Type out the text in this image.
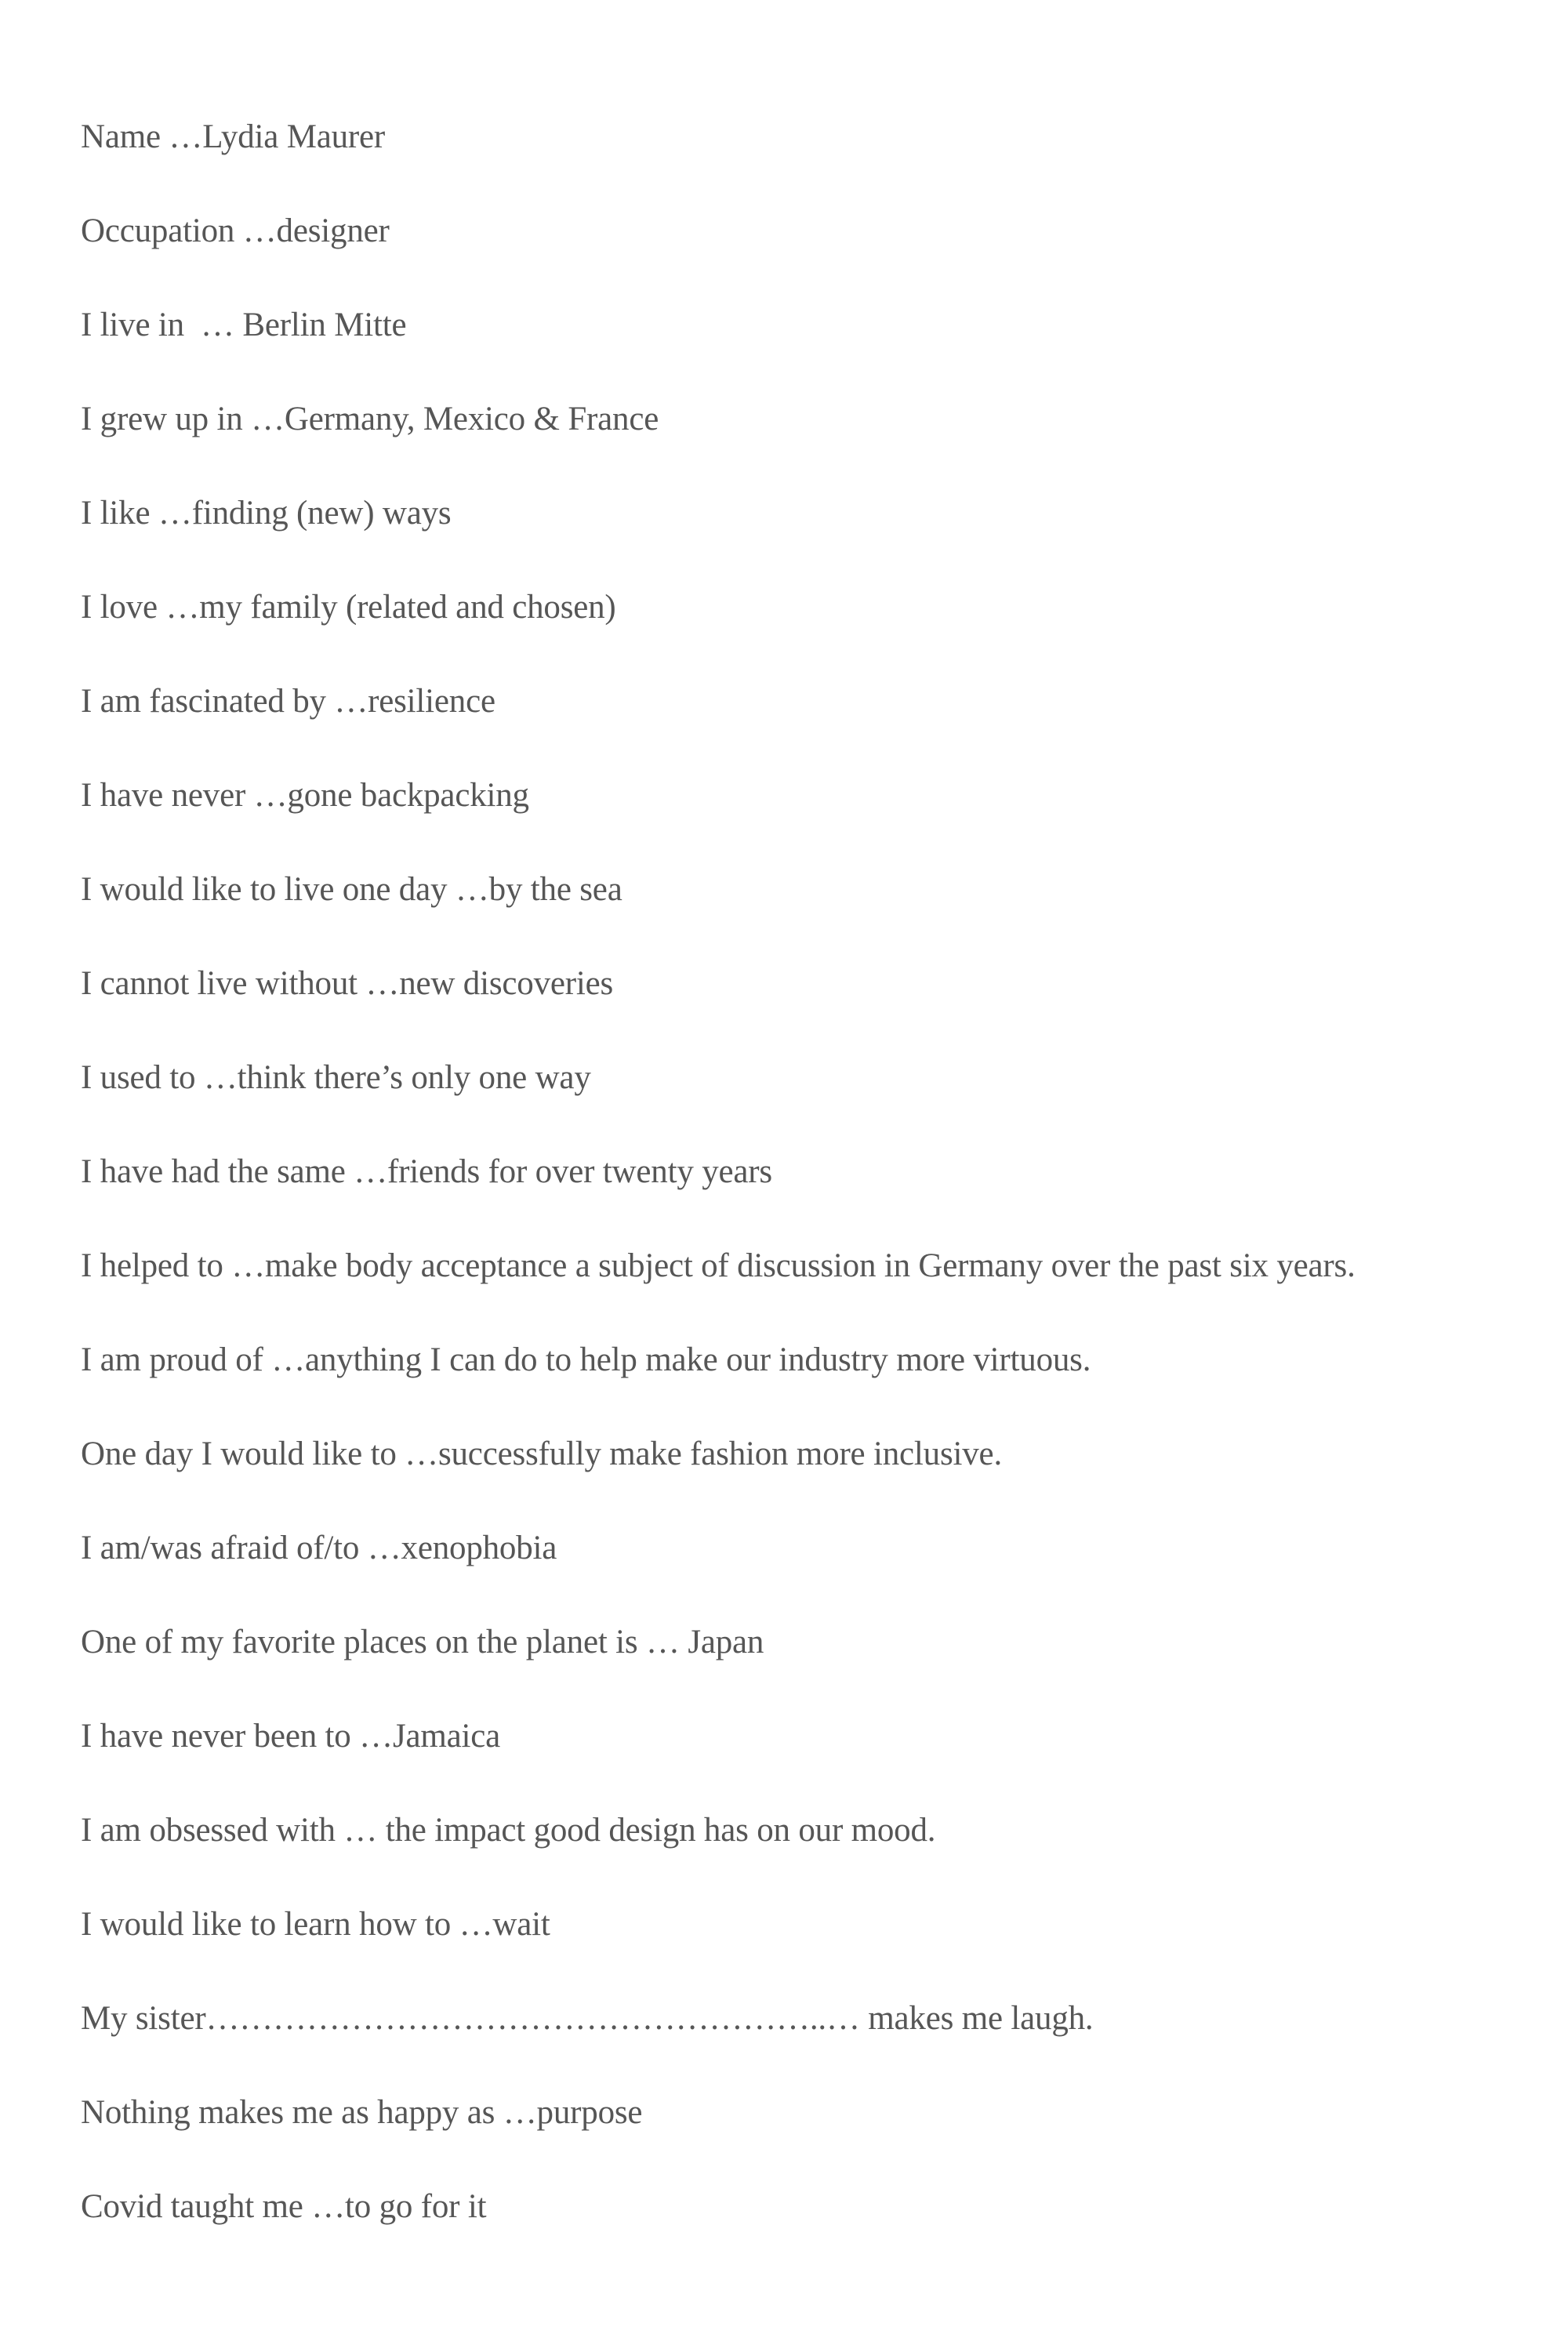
Name …Lydia Maurer

Occupation …designer

I live in  … Berlin Mitte

I grew up in …Germany, Mexico & France

I like …finding (new) ways

I love …my family (related and chosen)

I am fascinated by …resilience

I have never …gone backpacking

I would like to live one day …by the sea

I cannot live without …new discoveries

I used to …think there’s only one way

I have had the same …friends for over twenty years

I helped to …make body acceptance a subject of discussion in Germany over the past six years.

I am proud of …anything I can do to help make our industry more virtuous.

One day I would like to …successfully make fashion more inclusive.

I am/was afraid of/to …xenophobia

One of my favorite places on the planet is … Japan

I have never been to …Jamaica

I am obsessed with … the impact good design has on our mood.

I would like to learn how to …wait

My sister………………………………………………..… makes me laugh.

Nothing makes me as happy as …purpose

Covid taught me …to go for it
